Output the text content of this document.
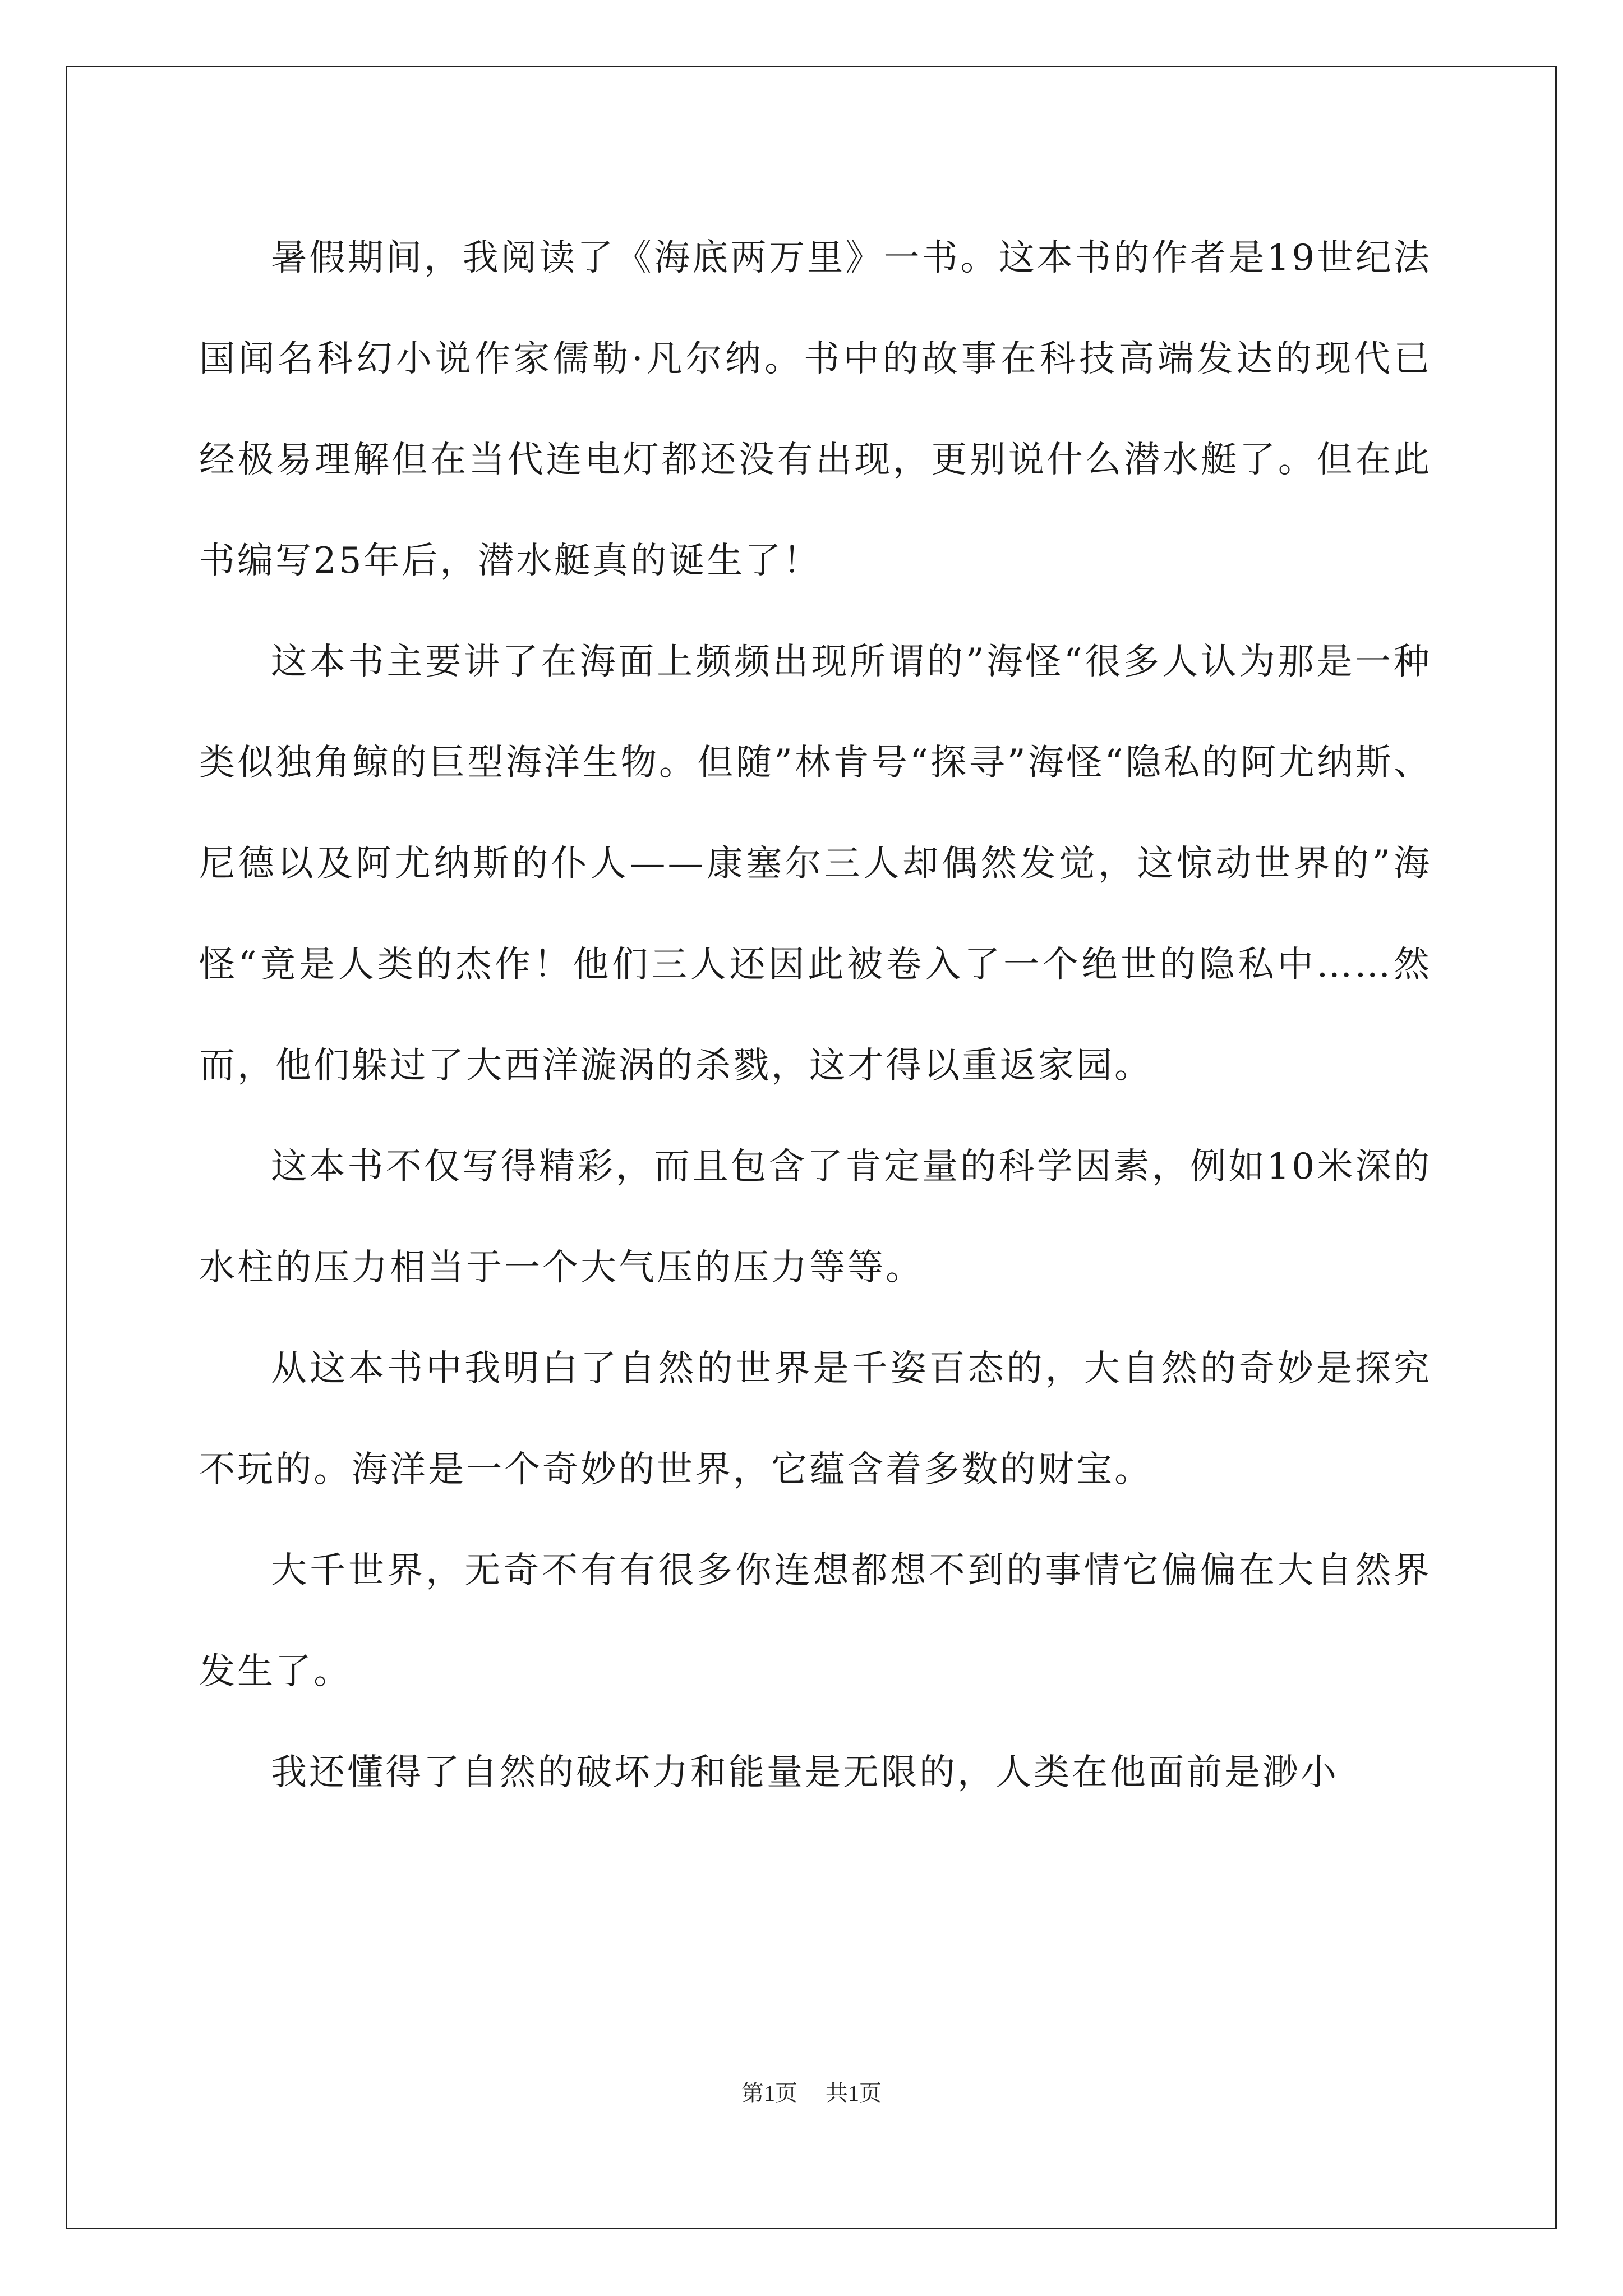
暑假期间，我阅读了《海底两万里》一书。这本书的作者是19世纪法国闻名科幻小说作家儒勒·凡尔纳。书中的故事在科技高端发达的现代已经极易理解但在当代连电灯都还没有出现，更别说什么潜水艇了。但在此书编写25年后，潜水艇真的诞生了！

这本书主要讲了在海面上频频出现所谓的”海怪“很多人认为那是一种类似独角鲸的巨型海洋生物。但随”林肯号“探寻”海怪“隐私的阿尤纳斯、尼德以及阿尤纳斯的仆人——康塞尔三人却偶然发觉，这惊动世界的”海怪“竟是人类的杰作！他们三人还因此被卷入了一个绝世的隐私中……然而，他们躲过了大西洋漩涡的杀戮，这才得以重返家园。

这本书不仅写得精彩，而且包含了肯定量的科学因素，例如10米深的水柱的压力相当于一个大气压的压力等等。

从这本书中我明白了自然的世界是千姿百态的，大自然的奇妙是探究不玩的。海洋是一个奇妙的世界，它蕴含着多数的财宝。

大千世界，无奇不有有很多你连想都想不到的事情它偏偏在大自然界发生了。

我还懂得了自然的破坏力和能量是无限的，人类在他面前是渺小

第1页 共1页
